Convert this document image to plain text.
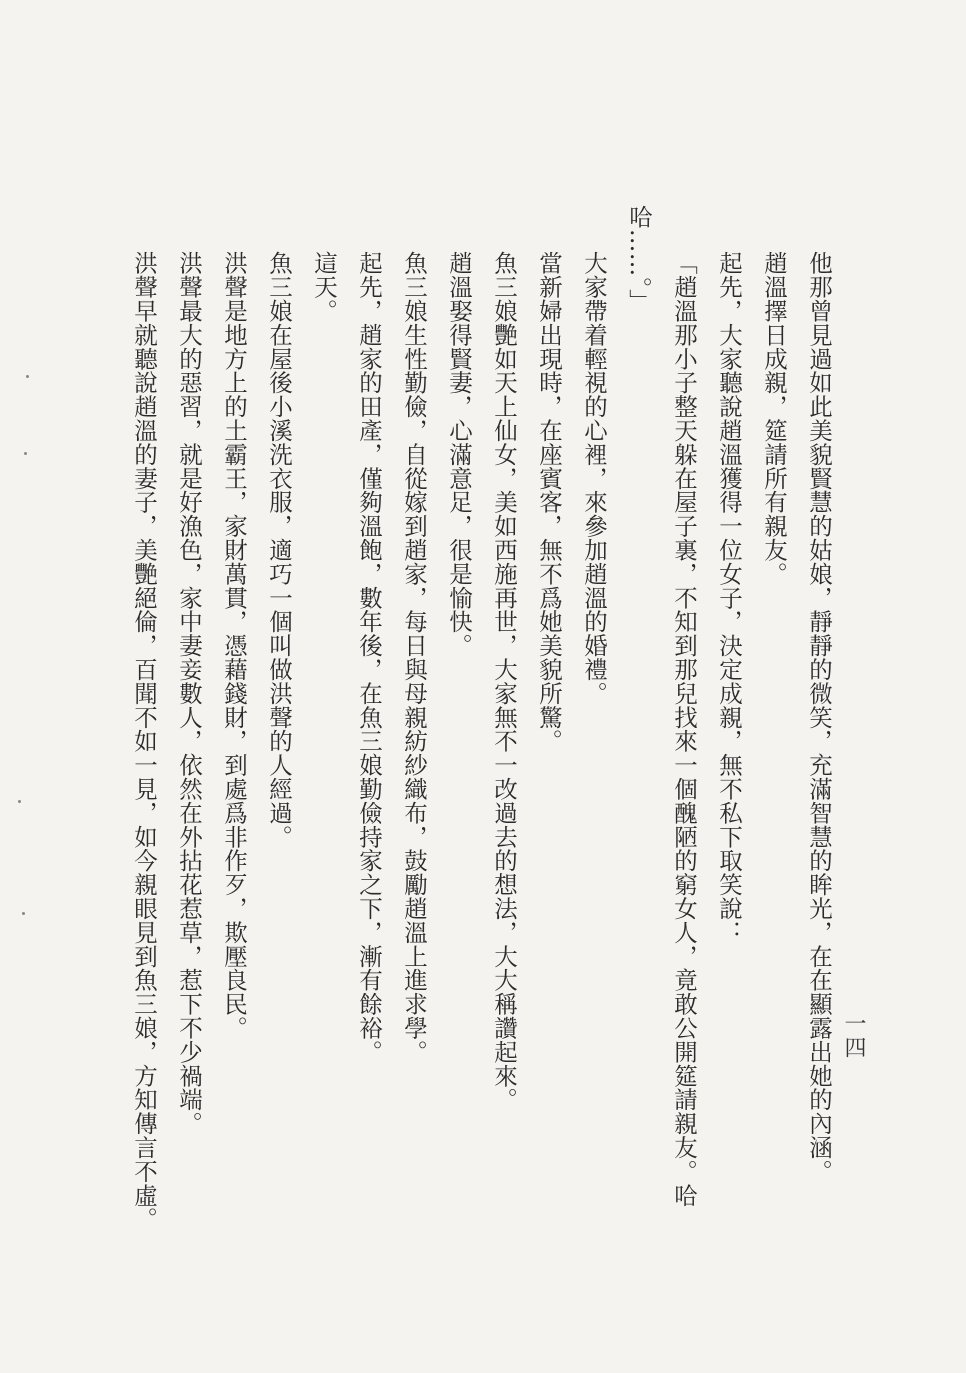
一四
他那曾見過如此美貌賢慧的姑娘，靜靜的微笑，充滿智慧的眸光，在在顯露出她的內涵。
趙溫擇日成親，筵請所有親友。
起先，大家聽說趙溫獲得一位女子，決定成親，無不私下取笑說：
「趙溫那小子整天躲在屋子裏，不知到那兒找來一個醜陋的窮女人，竟敢公開筵請親友。哈
哈……。」
大家帶着輕視的心裡，來參加趙溫的婚禮。
當新婦出現時，在座賓客，無不爲她美貌所驚。
魚三娘艷如天上仙女，美如西施再世，大家無不一改過去的想法，大大稱讚起來。
趙溫娶得賢妻，心滿意足，很是愉快。
魚三娘生性勤儉，自從嫁到趙家，每日與母親紡紗織布，鼓勵趙溫上進求學。
起先，趙家的田產，僅夠溫飽，數年後，在魚三娘勤儉持家之下，漸有餘裕。
這天。
魚三娘在屋後小溪洗衣服，適巧一個叫做洪聲的人經過。
洪聲是地方上的土霸王，家財萬貫，憑藉錢財，到處爲非作歹，欺壓良民。
洪聲最大的惡習，就是好漁色，家中妻妾數人，依然在外拈花惹草，惹下不少禍端。
洪聲早就聽說趙溫的妻子，美艷絕倫，百聞不如一見，如今親眼見到魚三娘，方知傳言不虛。
